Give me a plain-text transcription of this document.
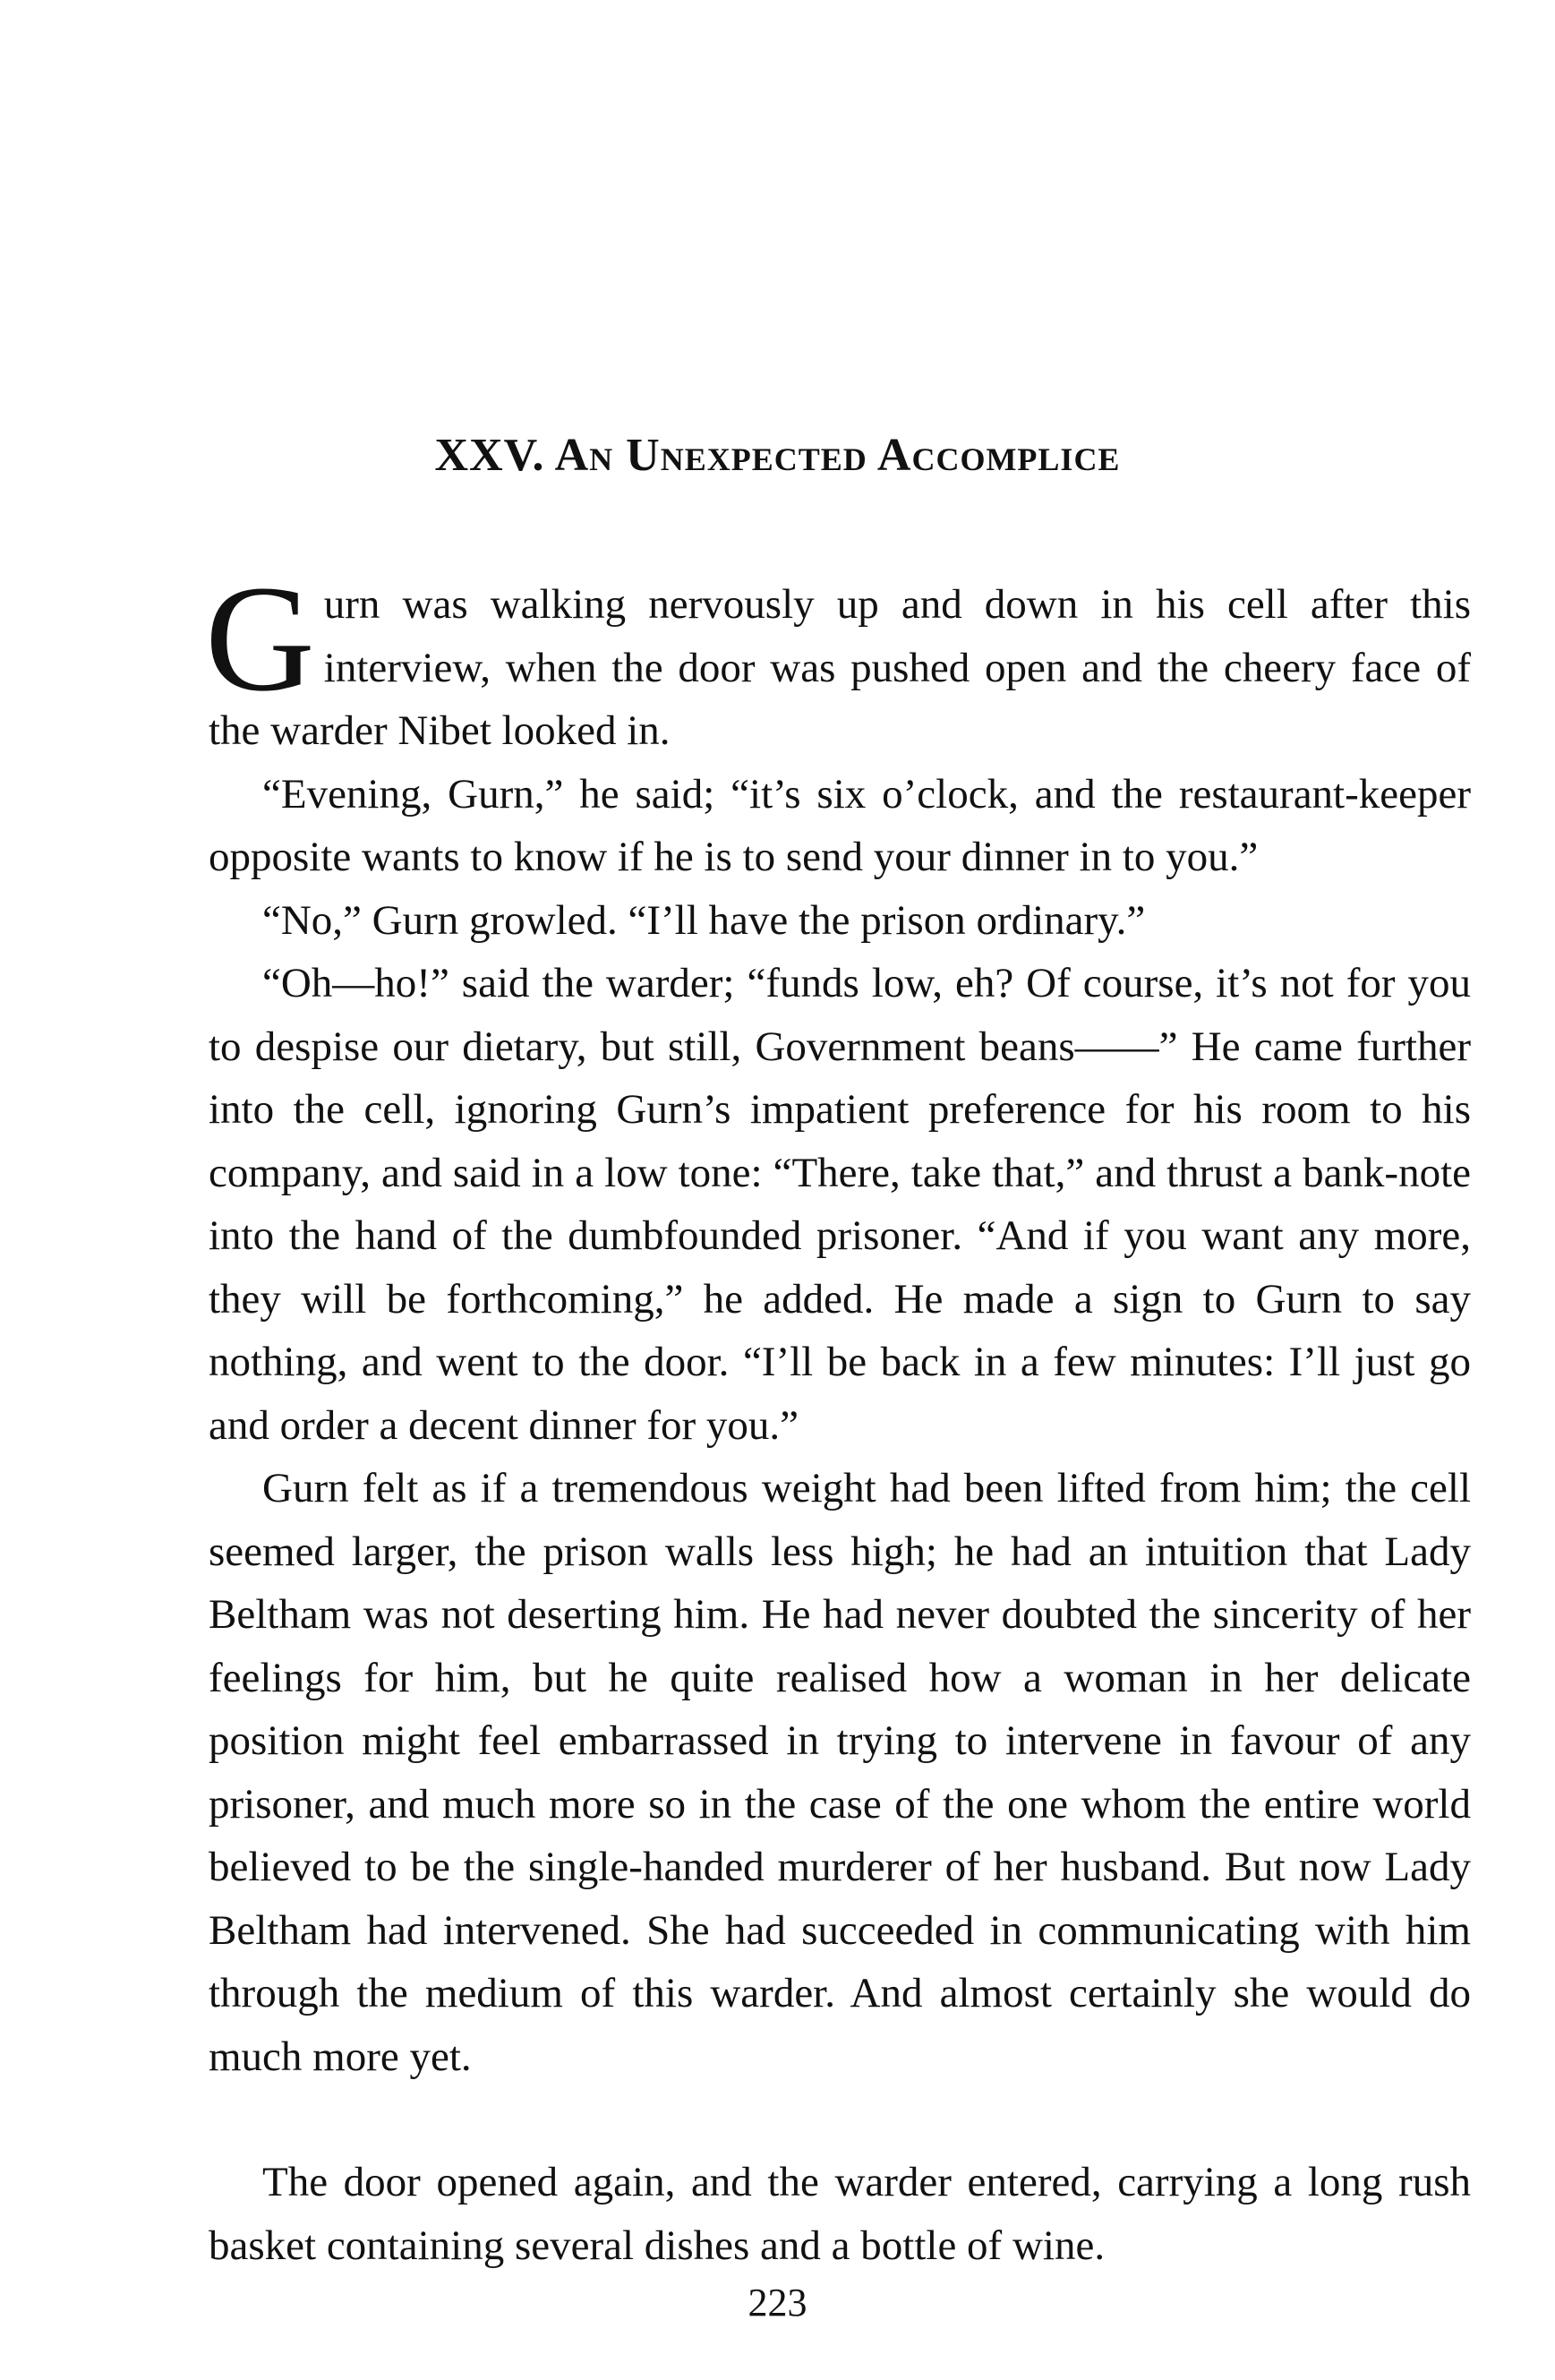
XXV. An Unexpected Accomplice

Gurn was walking nervously up and down in his cell after this interview, when the door was pushed open and the cheery face of the warder Nibet looked in.

“Evening, Gurn,” he said; “it’s six o’clock, and the restaurant-keeper opposite wants to know if he is to send your dinner in to you.”

“No,” Gurn growled. “I’ll have the prison ordinary.”

“Oh—ho!” said the warder; “funds low, eh? Of course, it’s not for you to despise our dietary, but still, Government beans——” He came further into the cell, ignoring Gurn’s impatient preference for his room to his company, and said in a low tone: “There, take that,” and thrust a bank-note into the hand of the dumbfounded prisoner. “And if you want any more, they will be forthcoming,” he added. He made a sign to Gurn to say nothing, and went to the door. “I’ll be back in a few minutes: I’ll just go and order a decent dinner for you.”

Gurn felt as if a tremendous weight had been lifted from him; the cell seemed larger, the prison walls less high; he had an intuition that Lady Beltham was not deserting him. He had never doubted the sincerity of her feelings for him, but he quite realised how a woman in her delicate position might feel embarrassed in trying to intervene in favour of any prisoner, and much more so in the case of the one whom the entire world believed to be the single-handed murderer of her husband. But now Lady Beltham had intervened. She had succeeded in communicating with him through the medium of this warder. And almost certainly she would do much more yet.

The door opened again, and the warder entered, carrying a long rush basket containing several dishes and a bottle of wine.

223
